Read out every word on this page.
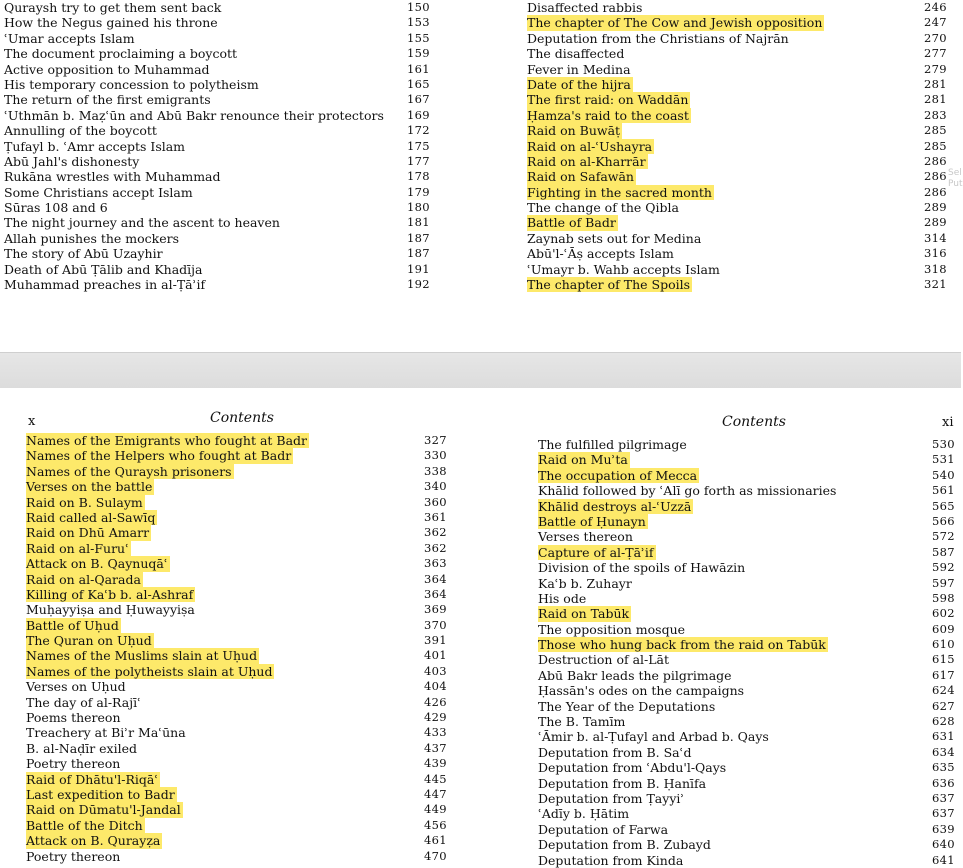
Quraysh try to get them sent back	150
How the Negus gained his throne	153
ʿUmar accepts Islam	155
The document proclaiming a boycott	159
Active opposition to Muhammad	161
His temporary concession to polytheism	165
The return of the first emigrants	167
ʿUthmān b. Maẓʿūn and Abū Bakr renounce their protectors 169
Annulling of the boycott	172
Ṭufayl b. ʿAmr accepts Islam	175
Abū Jahl's dishonesty	177
Rukāna wrestles with Muhammad	178
Some Christians accept Islam	179
Sūras 108 and 6	180
The night journey and the ascent to heaven	181
Allah punishes the mockers	187
The story of Abū Uzayhir	187
Death of Abū Ṭālib and Khadīja	191
Muhammad preaches in al-Ṭāʾif	192
Disaffected rabbis	246
The chapter of The Cow and Jewish opposition	247
Deputation from the Christians of Najrān	270
The disaffected	277
Fever in Medina	279
Date of the hijra	281
The first raid: on Waddān	281
Ḥamza's raid to the coast	283
Raid on Buwāṭ	285
Raid on al-ʿUshayra	285
Raid on al-Kharrār	286
Raid on Safawān	286
Fighting in the sacred month	286
The change of the Qibla	289
Battle of Badr	289
Zaynab sets out for Medina	314
Abū'l-ʿĀṣ accepts Islam	316
ʿUmayr b. Wahb accepts Islam	318
The chapter of The Spoils	321
Sel
Put
x	Contents	Contents	xi
Names of the Emigrants who fought at Badr	327
Names of the Helpers who fought at Badr	330
Names of the Quraysh prisoners	338
Verses on the battle	340
Raid on B. Sulaym	360
Raid called al-Sawīq	361
Raid on Dhū Amarr	362
Raid on al-Furuʿ	362
Attack on B. Qaynuqāʿ	363
Raid on al-Qarada	364
Killing of Kaʿb b. al-Ashraf	364
Muḥayyiṣa and Ḥuwayyiṣa	369
Battle of Uḥud	370
The Quran on Uḥud	391
Names of the Muslims slain at Uḥud	401
Names of the polytheists slain at Uḥud	403
Verses on Uḥud	404
The day of al-Rajīʿ	426
Poems thereon	429
Treachery at Biʾr Maʿūna	433
B. al-Naḍīr exiled	437
Poetry thereon	439
Raid of Dhātu'l-Riqāʿ	445
Last expedition to Badr	447
Raid on Dūmatu'l-Jandal	449
Battle of the Ditch	456
Attack on B. Qurayẓa	461
Poetry thereon	470
The fulfilled pilgrimage	530
Raid on Muʾta	531
The occupation of Mecca	540
Khālid followed by ʿAlī go forth as missionaries	561
Khālid destroys al-ʿUzzā	565
Battle of Ḥunayn	566
Verses thereon	572
Capture of al-Ṭāʾif	587
Division of the spoils of Hawāzin	592
Kaʿb b. Zuhayr	597
His ode	598
Raid on Tabūk	602
The opposition mosque	609
Those who hung back from the raid on Tabūk	610
Destruction of al-Lāt	615
Abū Bakr leads the pilgrimage	617
Ḥassān's odes on the campaigns	624
The Year of the Deputations	627
The B. Tamīm	628
ʿĀmir b. al-Ṭufayl and Arbad b. Qays	631
Deputation from B. Saʿd	634
Deputation from ʿAbdu'l-Qays	635
Deputation from B. Ḥanīfa	636
Deputation from Ṭayyiʾ	637
ʿAdīy b. Ḥātim	637
Deputation of Farwa	639
Deputation from B. Zubayd	640
Deputation from Kinda	641
